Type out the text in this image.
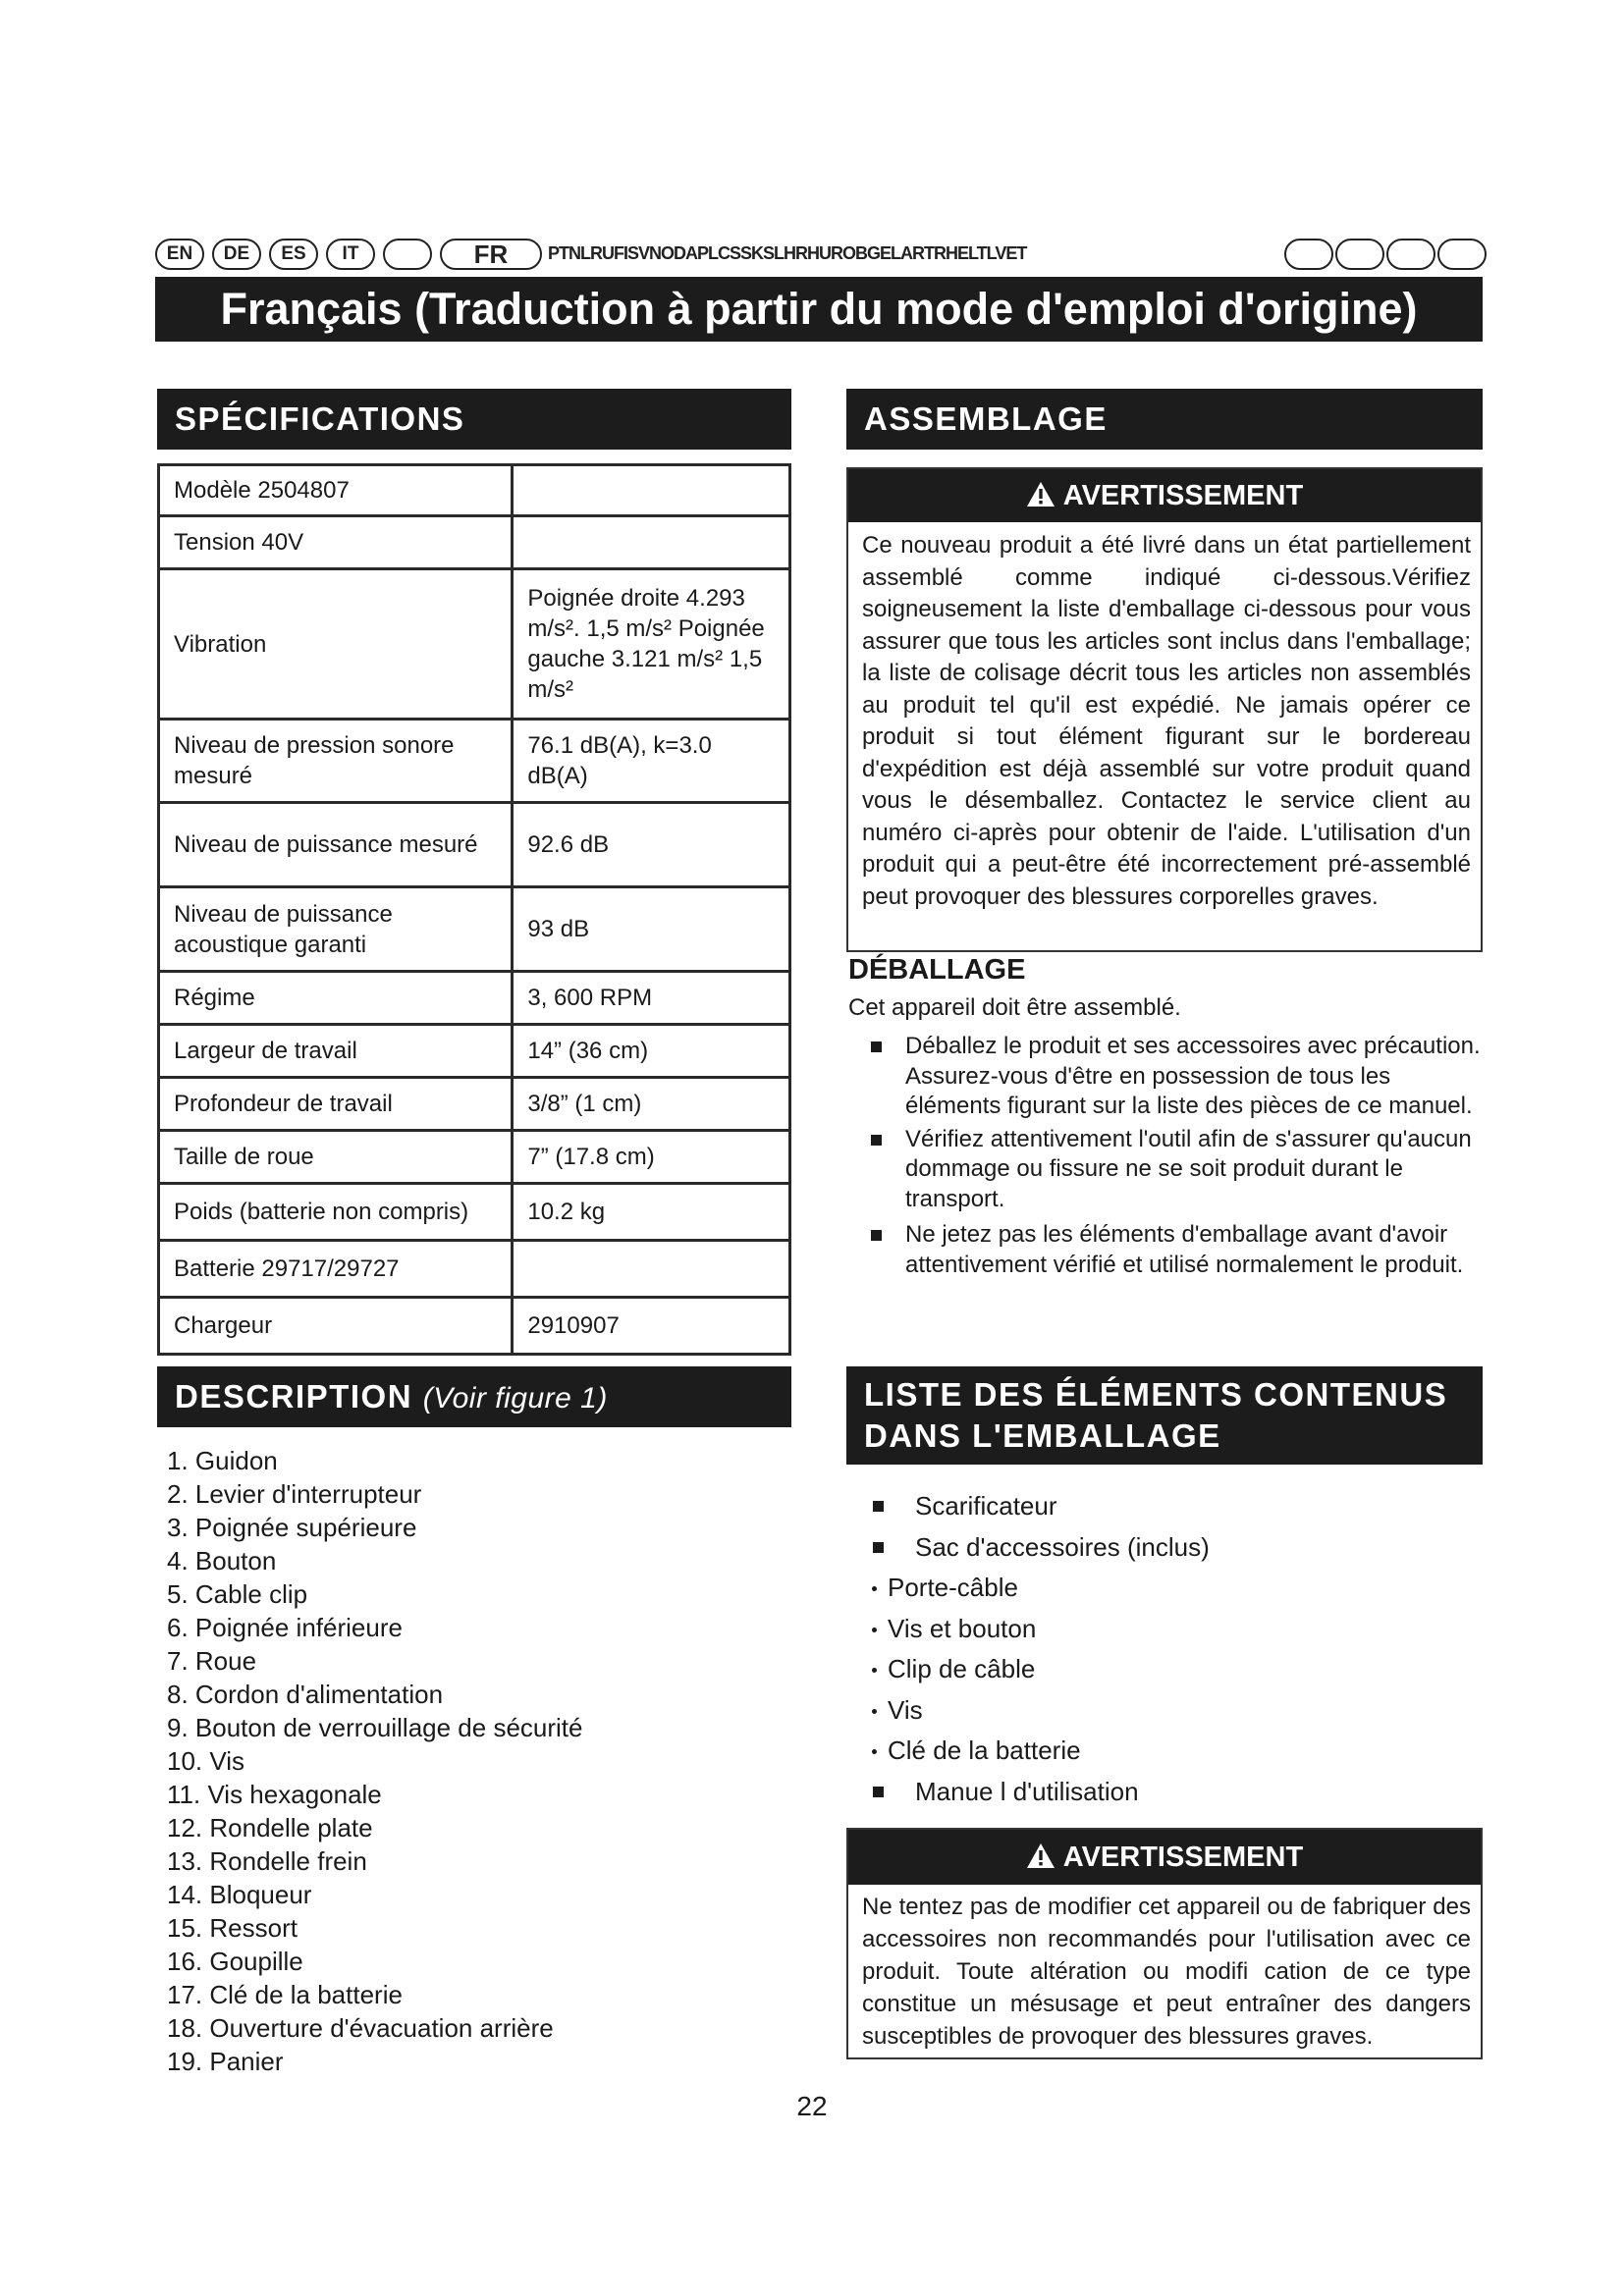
EN	DE	ES	IT	FR	PTNLRUFISVNODAPLCSSKSLHRHUROBGELARTRHELTLVET
Français (Traduction à partir du mode d'emploi d'origine)
SPÉCIFICATIONS
Modèle 2504807	
Tension 40V	
Vibration	Poignée droite 4.293 m/s². 1,5 m/s² Poignée gauche 3.121 m/s² 1,5 m/s²
Niveau de pression sonore mesuré	76.1 dB(A), k=3.0 dB(A)
Niveau de puissance mesuré	92.6 dB
Niveau de puissance acoustique garanti	93 dB
Régime	3, 600 RPM
Largeur de travail	14” (36 cm)
Profondeur de travail	3/8” (1 cm)
Taille de roue	7” (17.8 cm)
Poids (batterie non compris)	10.2 kg
Batterie 29717/29727	
Chargeur	2910907
DESCRIPTION (Voir figure 1)
1. Guidon
2. Levier d'interrupteur
3. Poignée supérieure
4. Bouton
5. Cable clip
6. Poignée inférieure
7. Roue
8. Cordon d'alimentation
9. Bouton de verrouillage de sécurité
10. Vis
11. Vis hexagonale
12. Rondelle plate
13. Rondelle frein
14. Bloqueur
15. Ressort
16. Goupille
17. Clé de la batterie
18. Ouverture d'évacuation arrière
19. Panier
ASSEMBLAGE
AVERTISSEMENT
Ce nouveau produit a été livré dans un état partiellement assemblé comme indiqué ci-dessous.Vérifiez soigneusement la liste d'emballage ci-dessous pour vous assurer que tous les articles sont inclus dans l'emballage; la liste de colisage décrit tous les articles non assemblés au produit tel qu'il est expédié. Ne jamais opérer ce produit si tout élément figurant sur le bordereau d'expédition est déjà assemblé sur votre produit quand vous le désemballez. Contactez le service client au numéro ci-après pour obtenir de l'aide. L'utilisation d'un produit qui a peut-être été incorrectement pré-assemblé peut provoquer des blessures corporelles graves.
DÉBALLAGE
Cet appareil doit être assemblé.
Déballez le produit et ses accessoires avec précaution. Assurez-vous d'être en possession de tous les éléments figurant sur la liste des pièces de ce manuel.
Vérifiez attentivement l'outil afin de s'assurer qu'aucun dommage ou fissure ne se soit produit durant le transport.
Ne jetez pas les éléments d'emballage avant d'avoir attentivement vérifié et utilisé normalement le produit.
LISTE DES ÉLÉMENTS CONTENUS
DANS L'EMBALLAGE
Scarificateur
Sac d'accessoires (inclus)
Porte-câble
Vis et bouton
Clip de câble
Vis
Clé de la batterie
Manue l d'utilisation
AVERTISSEMENT
Ne tentez pas de modifier cet appareil ou de fabriquer des accessoires non recommandés pour l'utilisation avec ce produit. Toute altération ou modifi cation de ce type constitue un mésusage et peut entraîner des dangers susceptibles de provoquer des blessures graves.
22
